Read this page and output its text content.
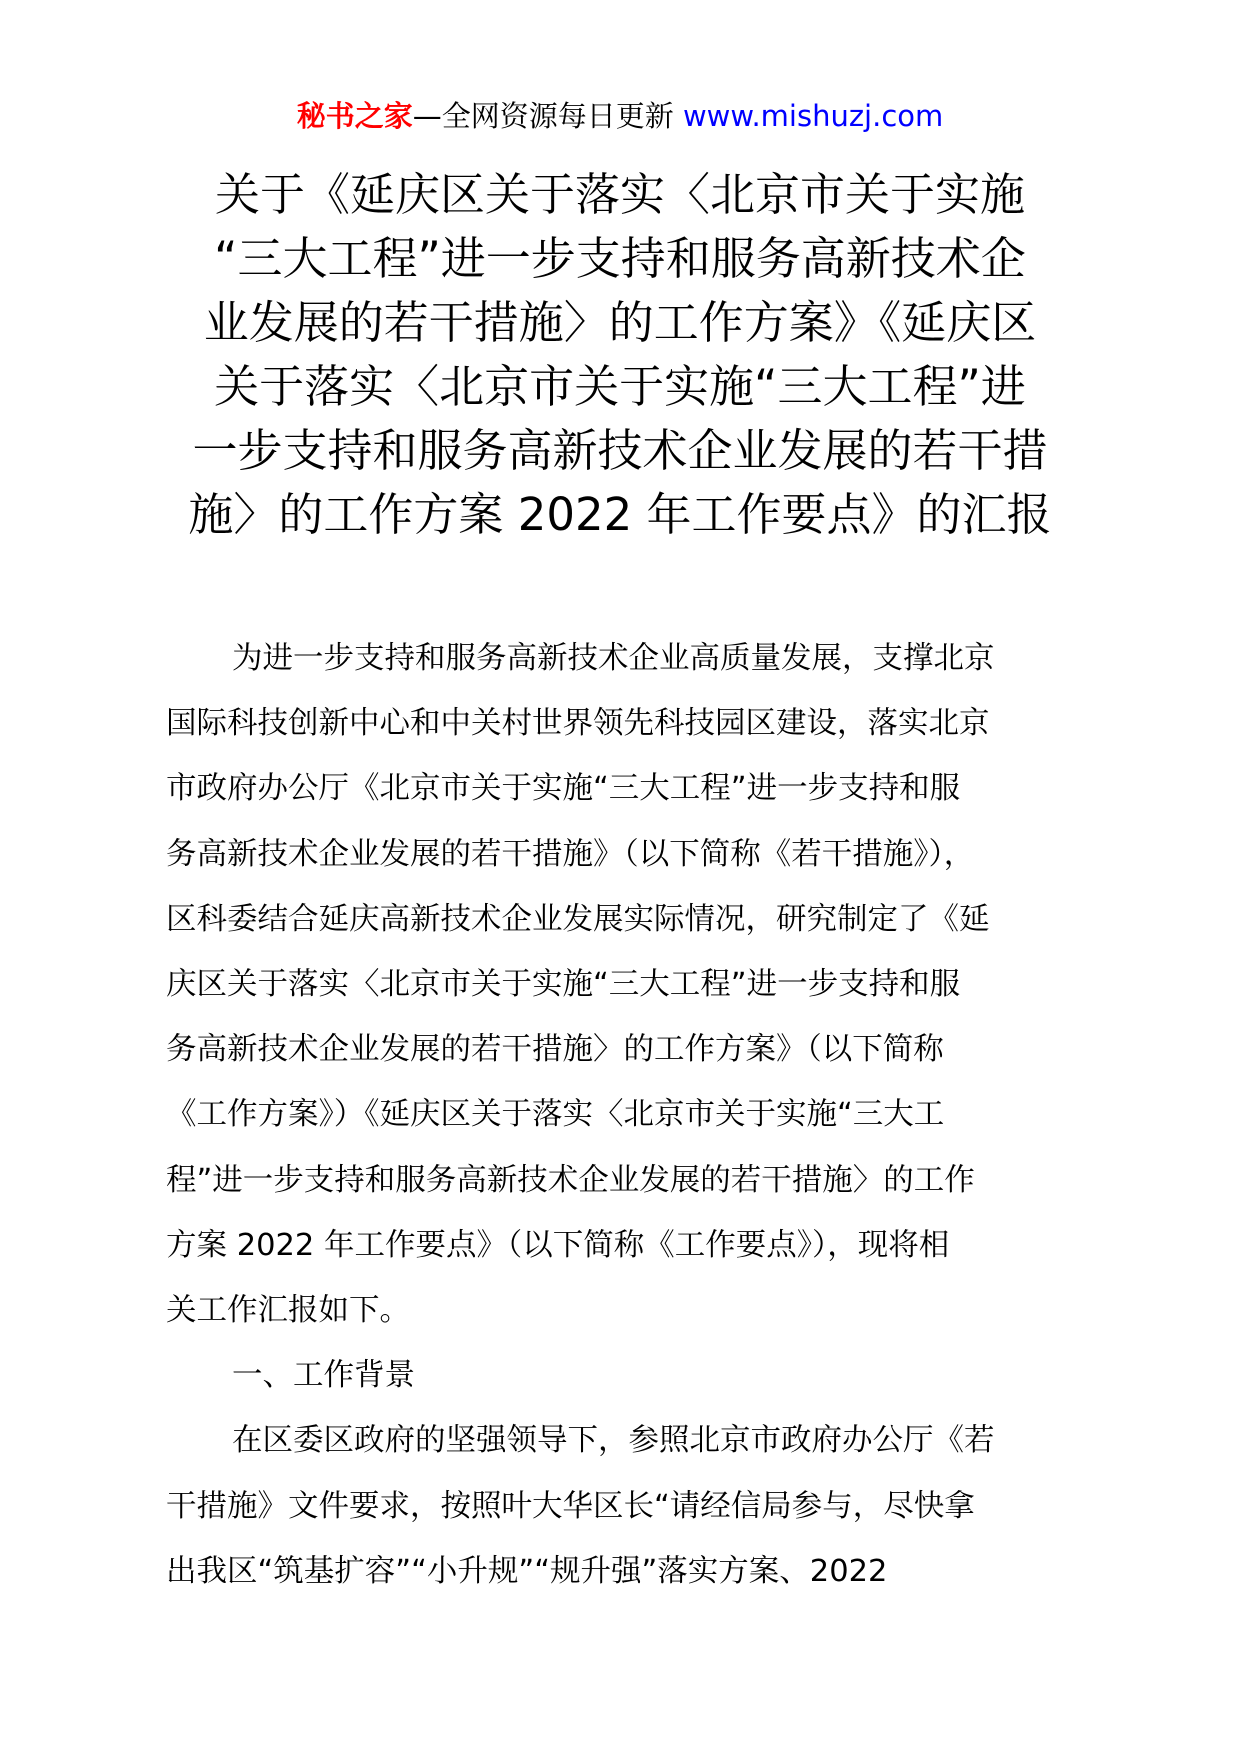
秘书之家—全网资源每日更新 www.mishuzj.com
关于《延庆区关于落实〈北京市关于实施
“三大工程”进一步支持和服务高新技术企
业发展的若干措施〉的工作方案》《延庆区
关于落实〈北京市关于实施“三大工程”进
一步支持和服务高新技术企业发展的若干措
施〉的工作方案 2022 年工作要点》的汇报
为进一步支持和服务高新技术企业高质量发展，支撑北京
国际科技创新中心和中关村世界领先科技园区建设，落实北京
市政府办公厅《北京市关于实施“三大工程”进一步支持和服
务高新技术企业发展的若干措施》（以下简称《若干措施》），
区科委结合延庆高新技术企业发展实际情况，研究制定了《延
庆区关于落实〈北京市关于实施“三大工程”进一步支持和服
务高新技术企业发展的若干措施〉的工作方案》（以下简称
《工作方案》）《延庆区关于落实〈北京市关于实施“三大工
程”进一步支持和服务高新技术企业发展的若干措施〉的工作
方案 2022 年工作要点》（以下简称《工作要点》），现将相
关工作汇报如下。
一、工作背景
在区委区政府的坚强领导下，参照北京市政府办公厅《若
干措施》文件要求，按照叶大华区长“请经信局参与，尽快拿
出我区“筑基扩容”“小升规”“规升强”落实方案、2022
